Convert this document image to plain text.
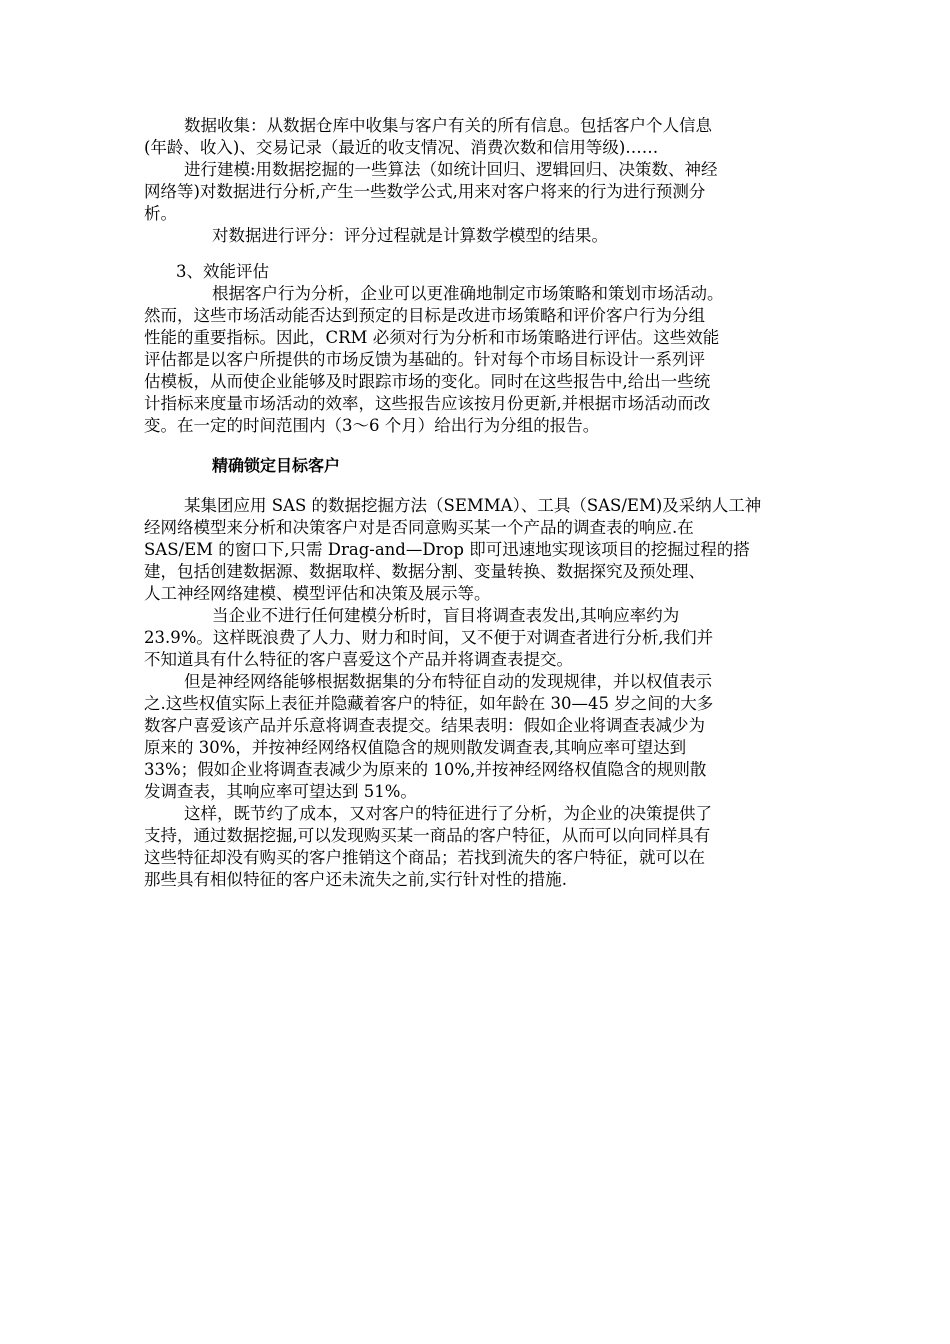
数据收集：从数据仓库中收集与客户有关的所有信息。包括客户个人信息
(年龄、收入)、交易记录（最近的收支情况、消费次数和信用等级)……
进行建模:用数据挖掘的一些算法（如统计回归、逻辑回归、决策数、神经
网络等)对数据进行分析,产生一些数学公式,用来对客户将来的行为进行预测分
析。
对数据进行评分：评分过程就是计算数学模型的结果。
3、效能评估
根据客户行为分析，企业可以更准确地制定市场策略和策划市场活动。
然而，这些市场活动能否达到预定的目标是改进市场策略和评价客户行为分组
性能的重要指标。因此，CRM 必须对行为分析和市场策略进行评估。这些效能
评估都是以客户所提供的市场反馈为基础的。针对每个市场目标设计一系列评
估模板，从而使企业能够及时跟踪市场的变化。同时在这些报告中,给出一些统
计指标来度量市场活动的效率，这些报告应该按月份更新,并根据市场活动而改
变。在一定的时间范围内（3～6 个月）给出行为分组的报告。
精确锁定目标客户
某集团应用 SAS 的数据挖掘方法（SEMMA）、工具（SAS/EM)及采纳人工神
经网络模型来分析和决策客户对是否同意购买某一个产品的调查表的响应.在
SAS/EM 的窗口下,只需 Drag-and—Drop 即可迅速地实现该项目的挖掘过程的搭
建，包括创建数据源、数据取样、数据分割、变量转换、数据探究及预处理、
人工神经网络建模、模型评估和决策及展示等。
当企业不进行任何建模分析时，盲目将调查表发出,其响应率约为
23.9%。这样既浪费了人力、财力和时间，又不便于对调查者进行分析,我们并
不知道具有什么特征的客户喜爱这个产品并将调查表提交。
但是神经网络能够根据数据集的分布特征自动的发现规律，并以权值表示
之.这些权值实际上表征并隐藏着客户的特征，如年龄在 30—45 岁之间的大多
数客户喜爱该产品并乐意将调查表提交。结果表明：假如企业将调查表减少为
原来的 30%，并按神经网络权值隐含的规则散发调查表,其响应率可望达到
33%；假如企业将调查表减少为原来的 10%,并按神经网络权值隐含的规则散
发调查表，其响应率可望达到 51%。
这样，既节约了成本，又对客户的特征进行了分析，为企业的决策提供了
支持，通过数据挖掘,可以发现购买某一商品的客户特征，从而可以向同样具有
这些特征却没有购买的客户推销这个商品；若找到流失的客户特征，就可以在
那些具有相似特征的客户还未流失之前,实行针对性的措施.
